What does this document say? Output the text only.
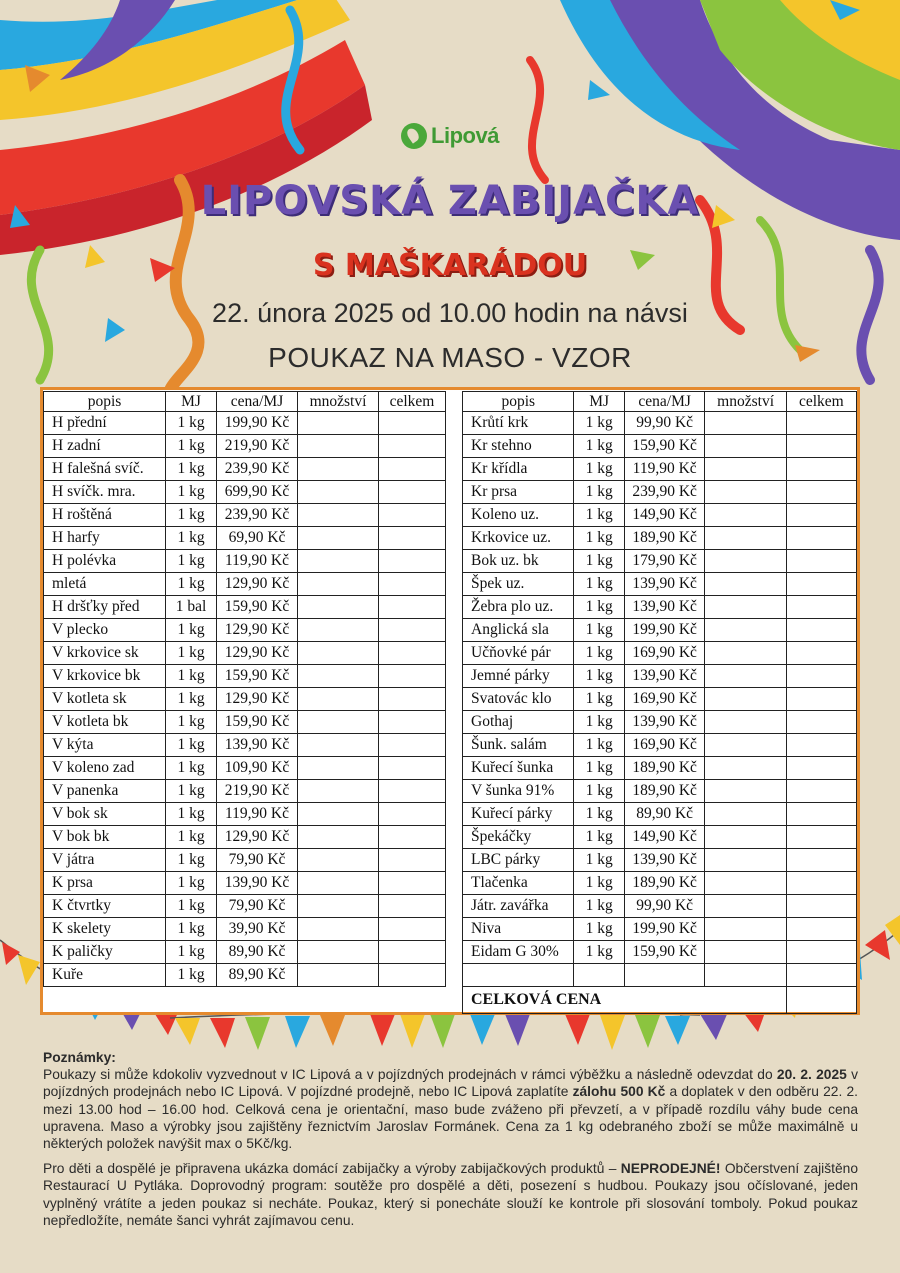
Lipová
LIPOVSKÁ ZABIJAČKA
S MAŠKARÁDOU
22. února 2025 od 10.00 hodin na návsi
POUKAZ NA MASO - VZOR
popis	MJ	cena/MJ	množství	celkem
H přední	1 kg	199,90 Kč		
H zadní	1 kg	219,90 Kč		
H falešná svíč.	1 kg	239,90 Kč		
H svíčk. mra.	1 kg	699,90 Kč		
H roštěná	1 kg	239,90 Kč		
H harfy	1 kg	69,90 Kč		
H polévka	1 kg	119,90 Kč		
mletá	1 kg	129,90 Kč		
H dršťky před	1 bal	159,90 Kč		
V plecko	1 kg	129,90 Kč		
V krkovice sk	1 kg	129,90 Kč		
V krkovice bk	1 kg	159,90 Kč		
V kotleta sk	1 kg	129,90 Kč		
V kotleta bk	1 kg	159,90 Kč		
V kýta	1 kg	139,90 Kč		
V koleno zad	1 kg	109,90 Kč		
V panenka	1 kg	219,90 Kč		
V bok sk	1 kg	119,90 Kč		
V bok bk	1 kg	129,90 Kč		
V játra	1 kg	79,90 Kč		
K prsa	1 kg	139,90 Kč		
K čtvrtky	1 kg	79,90 Kč		
K skelety	1 kg	39,90 Kč		
K paličky	1 kg	89,90 Kč		
Kuře	1 kg	89,90 Kč		
popis	MJ	cena/MJ	množství	celkem
Krůtí krk	1 kg	99,90 Kč		
Kr stehno	1 kg	159,90 Kč		
Kr křídla	1 kg	119,90 Kč		
Kr prsa	1 kg	239,90 Kč		
Koleno uz.	1 kg	149,90 Kč		
Krkovice uz.	1 kg	189,90 Kč		
Bok uz. bk	1 kg	179,90 Kč		
Špek uz.	1 kg	139,90 Kč		
Žebra plo uz.	1 kg	139,90 Kč		
Anglická sla	1 kg	199,90 Kč		
Učňovké pár	1 kg	169,90 Kč		
Jemné párky	1 kg	139,90 Kč		
Svatovác klo	1 kg	169,90 Kč		
Gothaj	1 kg	139,90 Kč		
Šunk. salám	1 kg	169,90 Kč		
Kuřecí šunka	1 kg	189,90 Kč		
V šunka 91%	1 kg	189,90 Kč		
Kuřecí párky	1 kg	89,90 Kč		
Špekáčky	1 kg	149,90 Kč		
LBC párky	1 kg	139,90 Kč		
Tlačenka	1 kg	189,90 Kč		
Játr. zavářka	1 kg	99,90 Kč		
Niva	1 kg	199,90 Kč		
Eidam G 30%	1 kg	159,90 Kč		

CELKOVÁ CENA				
Poznámky:

Poukazy si může kdokoliv vyzvednout v IC Lipová a v pojízdných prodejnách v rámci výběžku a následně odevzdat do 20. 2. 2025 v pojízdných prodejnách nebo IC Lipová. V pojízdné prodejně, nebo IC Lipová zaplatíte zálohu 500 Kč a doplatek v den odběru 22. 2. mezi 13.00 hod – 16.00 hod. Celková cena je orientační, maso bude zváženo při převzetí, a v případě rozdílu váhy bude cena upravena. Maso a výrobky jsou zajištěny řeznictvím Jaroslav Formánek. Cena za 1 kg odebraného zboží se může maximálně u některých položek navýšit max o 5Kč/kg.

Pro děti a dospělé je připravena ukázka domácí zabijačky a výroby zabijačkových produktů – NEPRODEJNÉ! Občerstvení zajištěno Restaurací U Pytláka. Doprovodný program: soutěže pro dospělé a děti, posezení s hudbou. Poukazy jsou očíslované, jeden vyplněný vrátíte a jeden poukaz si necháte. Poukaz, který si ponecháte slouží ke kontrole při slosování tomboly. Pokud poukaz nepředložíte, nemáte šanci vyhrát zajímavou cenu.
